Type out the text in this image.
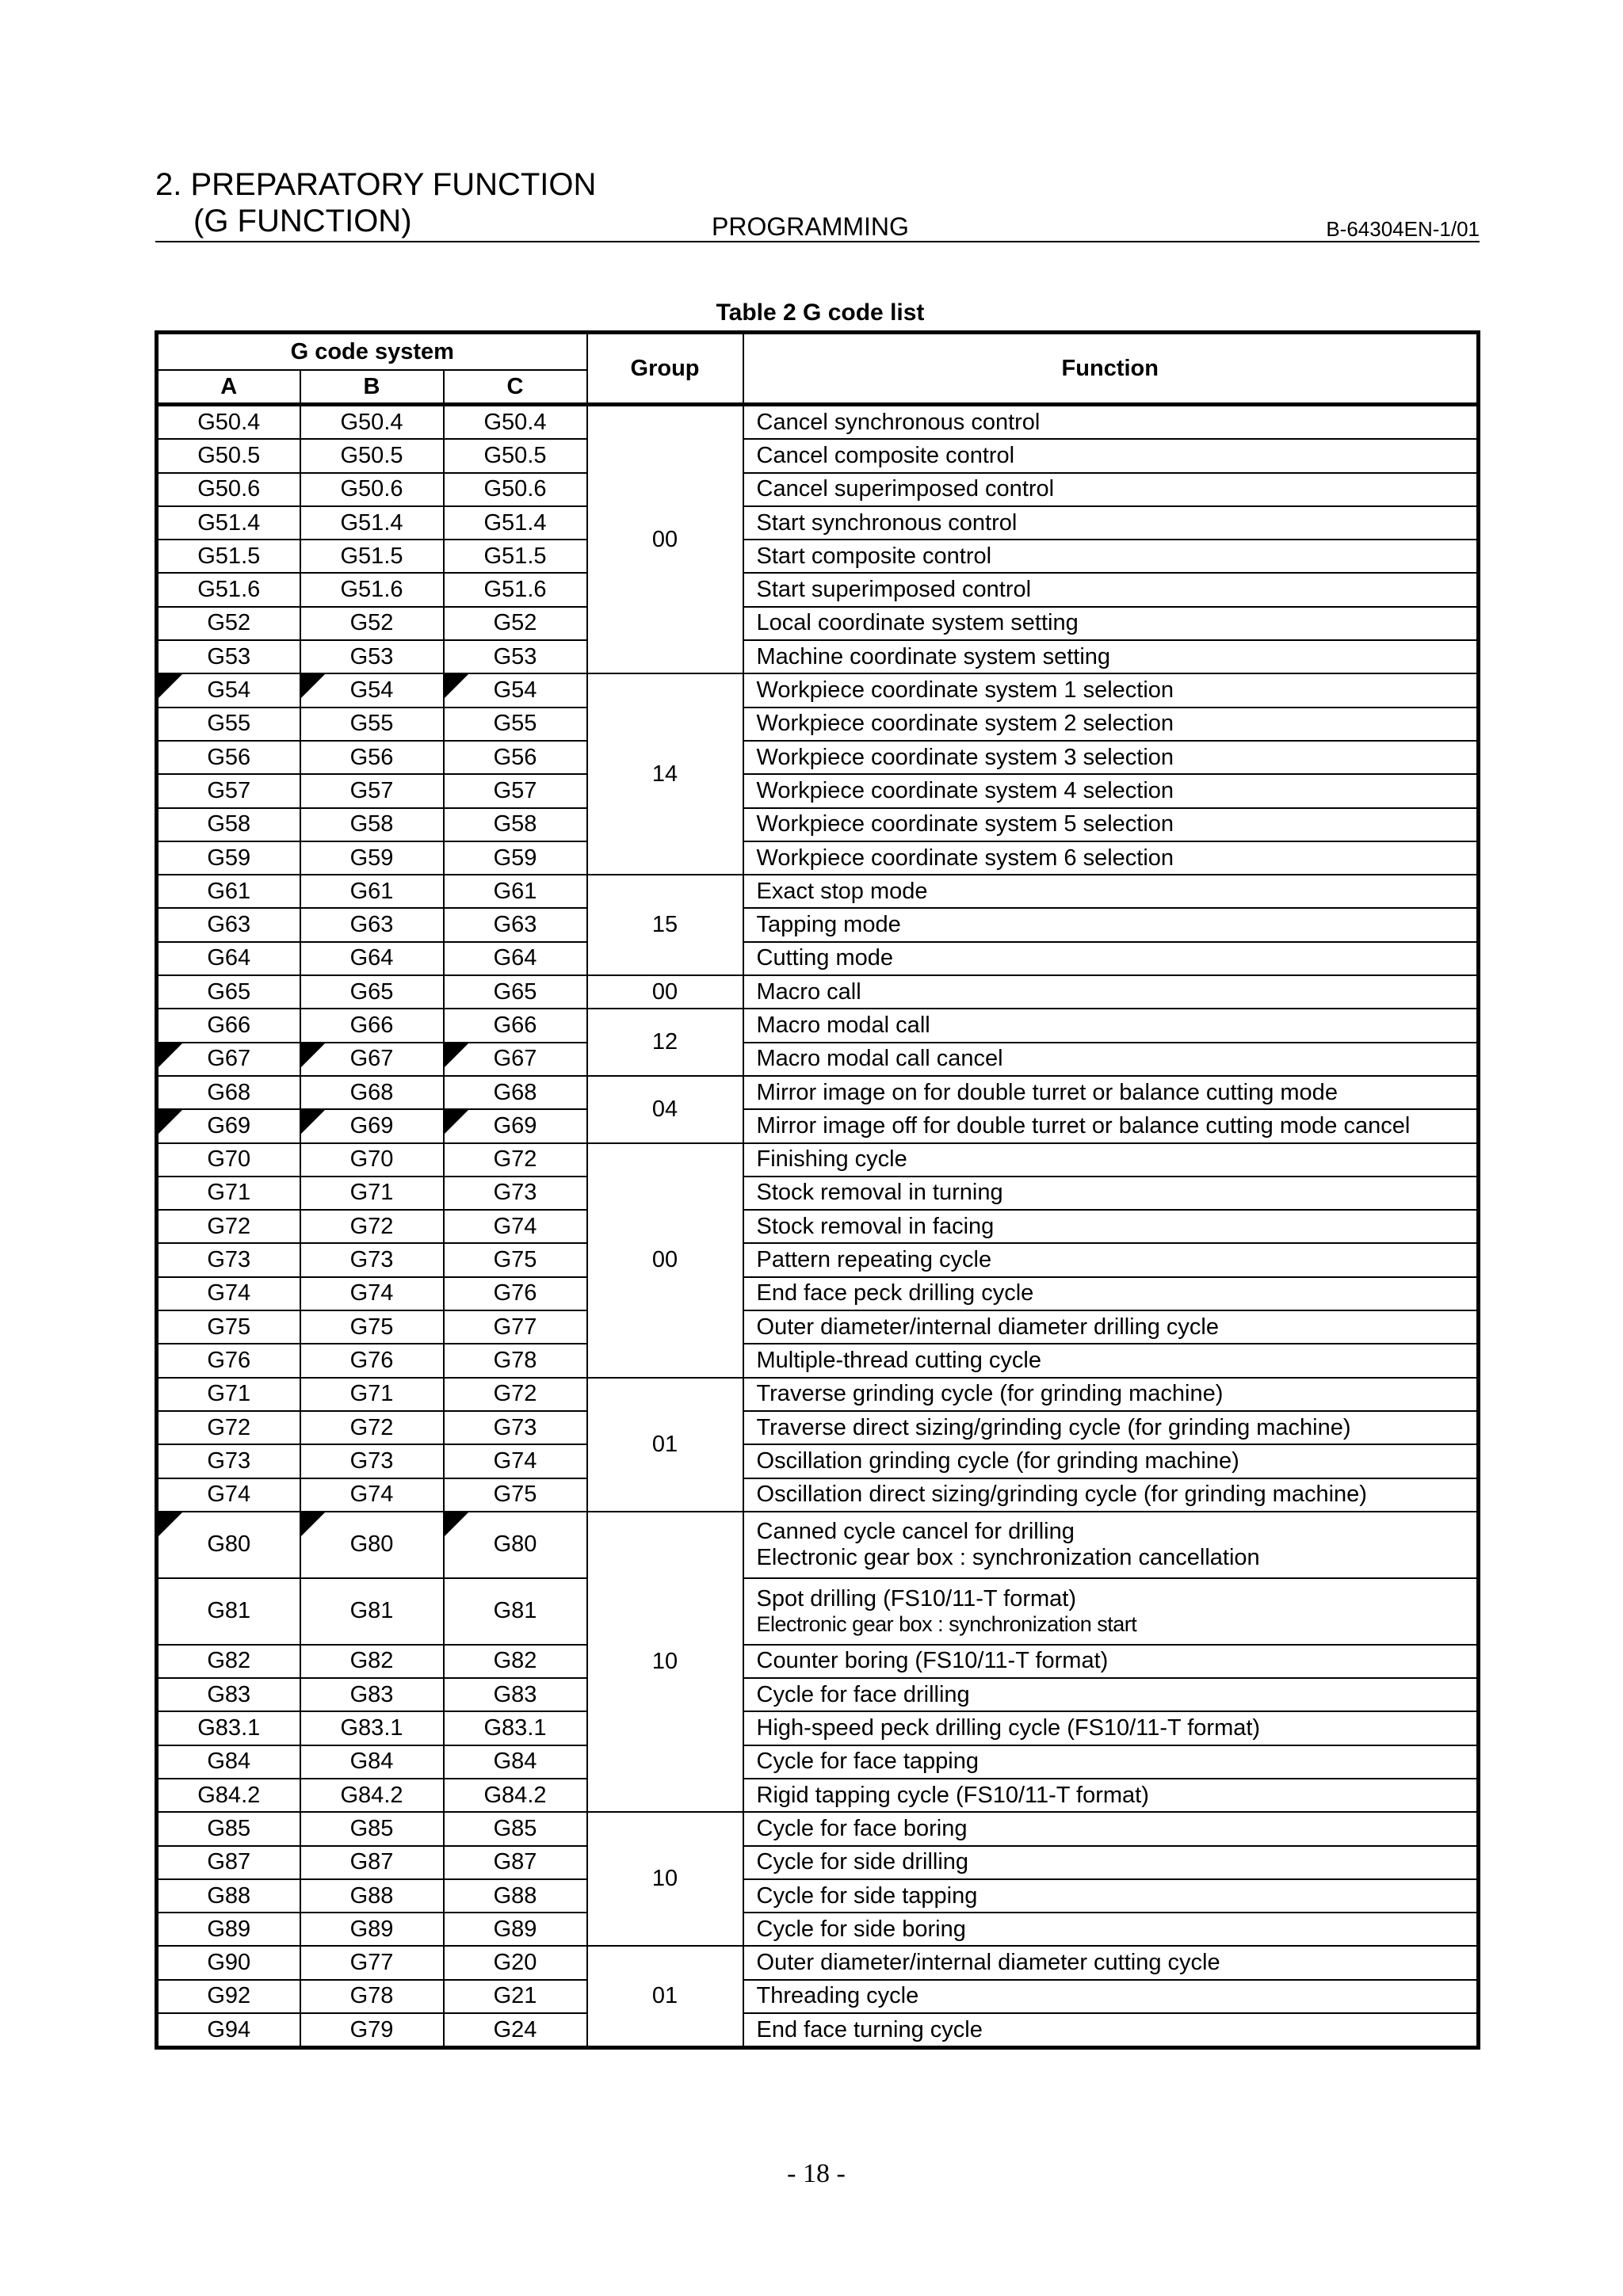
2. PREPARATORY FUNCTION
(G FUNCTION)	PROGRAMMING	B-64304EN-1/01
Table 2 G code list
G code system			Group	Function
A	B	C		
G50.4	G50.4	G50.4	00	Cancel synchronous control

G50.5	G50.5	G50.5		Cancel composite control

G50.6	G50.6	G50.6		Cancel superimposed control

G51.4	G51.4	G51.4		Start synchronous control

G51.5	G51.5	G51.5		Start composite control

G51.6	G51.6	G51.6		Start superimposed control

G52	G52	G52		Local coordinate system setting

G53	G53	G53		Machine coordinate system setting

G54	G54	G54	14	Workpiece coordinate system 1 selection

G55	G55	G55		Workpiece coordinate system 2 selection

G56	G56	G56		Workpiece coordinate system 3 selection

G57	G57	G57		Workpiece coordinate system 4 selection

G58	G58	G58		Workpiece coordinate system 5 selection

G59	G59	G59		Workpiece coordinate system 6 selection

G61	G61	G61	15	Exact stop mode

G63	G63	G63		Tapping mode

G64	G64	G64		Cutting mode

G65	G65	G65	00	Macro call

G66	G66	G66	12	Macro modal call

G67	G67	G67		Macro modal call cancel

G68	G68	G68	04	Mirror image on for double turret or balance cutting mode

G69	G69	G69		Mirror image off for double turret or balance cutting mode cancel

G70	G70	G72	00	Finishing cycle

G71	G71	G73		Stock removal in turning

G72	G72	G74		Stock removal in facing

G73	G73	G75		Pattern repeating cycle

G74	G74	G76		End face peck drilling cycle

G75	G75	G77		Outer diameter/internal diameter drilling cycle

G76	G76	G78		Multiple-thread cutting cycle

G71	G71	G72	01	Traverse grinding cycle (for grinding machine)

G72	G72	G73		Traverse direct sizing/grinding cycle (for grinding machine)

G73	G73	G74		Oscillation grinding cycle (for grinding machine)

G74	G74	G75		Oscillation direct sizing/grinding cycle (for grinding machine)

G80	G80	G80	10	Canned cycle cancel for drilling
Electronic gear box : synchronization cancellation

G81	G81	G81		Spot drilling (FS10/11-T format)
Electronic gear box : synchronization start

G82	G82	G82		Counter boring (FS10/11-T format)

G83	G83	G83		Cycle for face drilling

G83.1	G83.1	G83.1		High-speed peck drilling cycle (FS10/11-T format)

G84	G84	G84		Cycle for face tapping

G84.2	G84.2	G84.2		Rigid tapping cycle (FS10/11-T format)

G85	G85	G85	10	Cycle for face boring

G87	G87	G87		Cycle for side drilling

G88	G88	G88		Cycle for side tapping

G89	G89	G89		Cycle for side boring

G90	G77	G20	01	Outer diameter/internal diameter cutting cycle

G92	G78	G21		Threading cycle

G94	G79	G24		End face turning cycle
- 18 -
